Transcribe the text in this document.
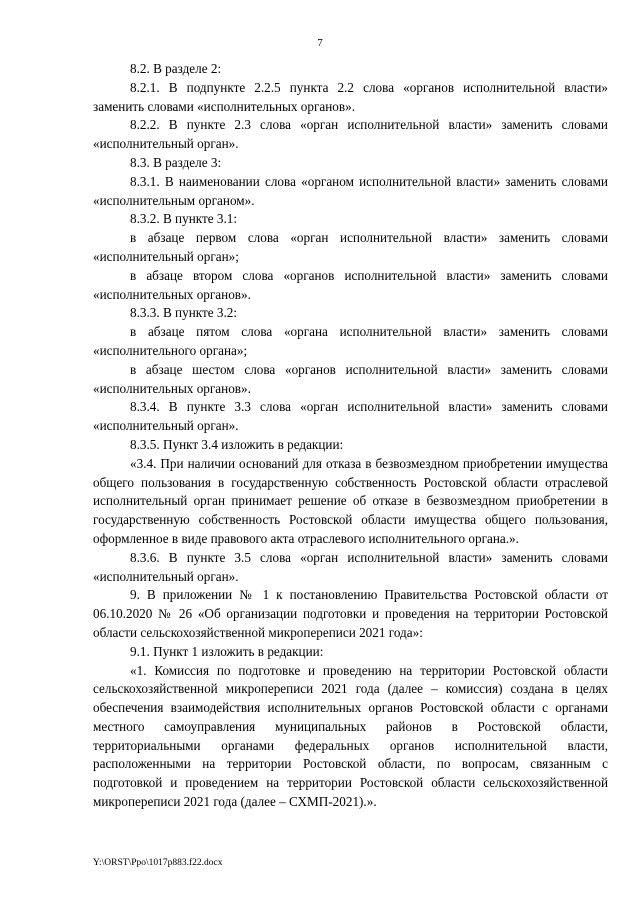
7

8.2. В разделе 2:

8.2.1. В подпункте 2.2.5 пункта 2.2 слова «органов исполнительной власти» заменить словами «исполнительных органов».

8.2.2. В пункте 2.3 слова «орган исполнительной власти» заменить словами «исполнительный орган».

8.3. В разделе 3:

8.3.1. В наименовании слова «органом исполнительной власти» заменить словами «исполнительным органом».

8.3.2. В пункте 3.1:

в абзаце первом слова «орган исполнительной власти» заменить словами «исполнительный орган»;

в абзаце втором слова «органов исполнительной власти» заменить словами «исполнительных органов».

8.3.3. В пункте 3.2:

в абзаце пятом слова «органа исполнительной власти» заменить словами «исполнительного органа»;

в абзаце шестом слова «органов исполнительной власти» заменить словами «исполнительных органов».

8.3.4. В пункте 3.3 слова «орган исполнительной власти» заменить словами «исполнительный орган».

8.3.5. Пункт 3.4 изложить в редакции:

«3.4. При наличии оснований для отказа в безвозмездном приобретении имущества общего пользования в государственную собственность Ростовской области отраслевой исполнительный орган принимает решение об отказе в безвозмездном приобретении в государственную собственность Ростовской области имущества общего пользования, оформленное в виде правового акта отраслевого исполнительного органа.».

8.3.6. В пункте 3.5 слова «орган исполнительной власти» заменить словами «исполнительный орган».

9. В приложении № 1 к постановлению Правительства Ростовской области от 06.10.2020 № 26 «Об организации подготовки и проведения на территории Ростовской области сельскохозяйственной микропереписи 2021 года»:

9.1. Пункт 1 изложить в редакции:

«1. Комиссия по подготовке и проведению на территории Ростовской области сельскохозяйственной микропереписи 2021 года (далее – комиссия) создана в целях обеспечения взаимодействия исполнительных органов Ростовской области с органами местного самоуправления муниципальных районов в Ростовской области, территориальными органами федеральных органов исполнительной власти, расположенными на территории Ростовской области, по вопросам, связанным с подготовкой и проведением на территории Ростовской области сельскохозяйственной микропереписи 2021 года (далее – СХМП-2021).».

Y:\ORST\Ppo\1017p883.f22.docx
